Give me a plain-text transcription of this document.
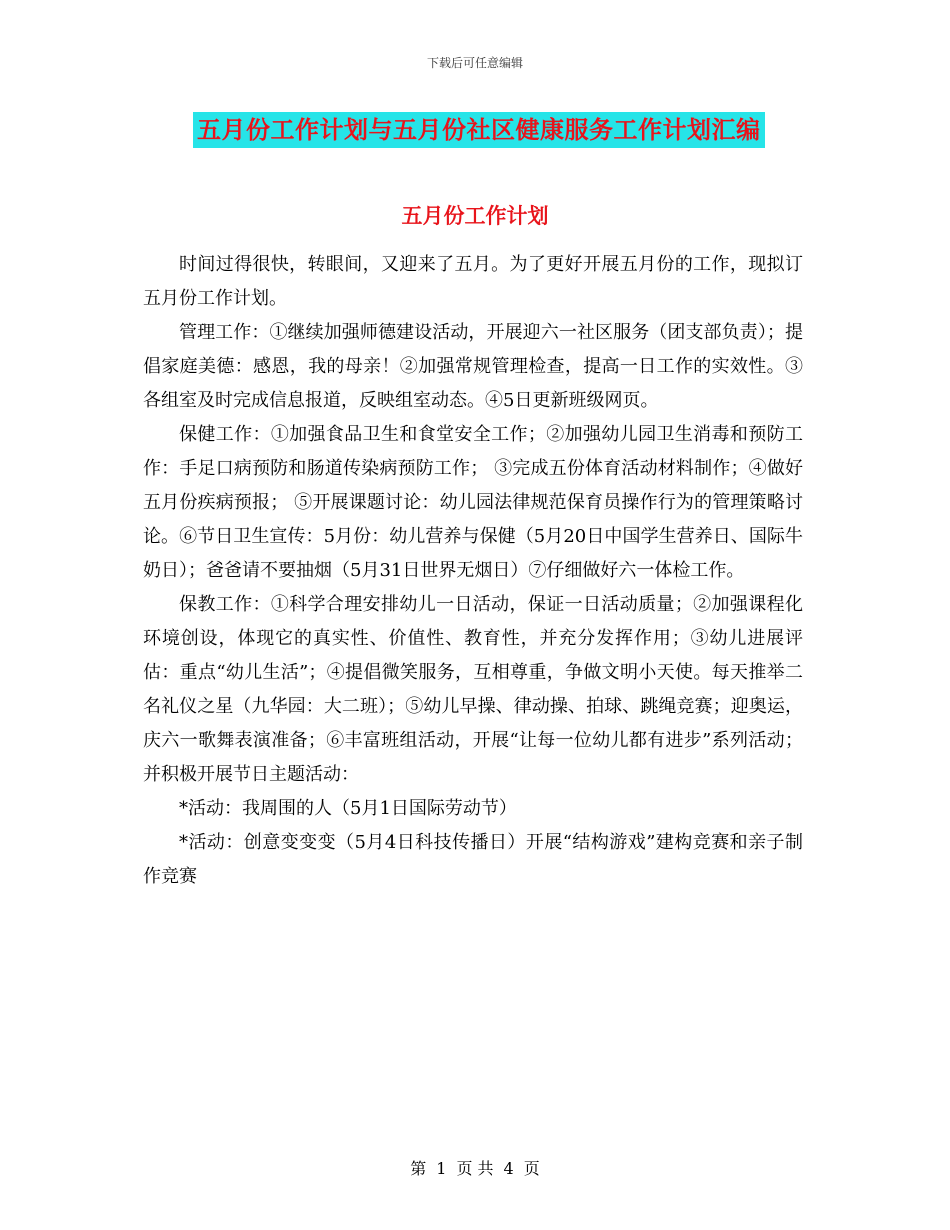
下载后可任意编辑
五月份工作计划与五月份社区健康服务工作计划汇编
五月份工作计划

时间过得很快，转眼间，又迎来了五月。为了更好开展五月份的工作，现拟订五月份工作计划。

管理工作：①继续加强师德建设活动，开展迎六一社区服务（团支部负责）；提倡家庭美德：感恩，我的母亲！②加强常规管理检查，提高一日工作的实效性。③各组室及时完成信息报道，反映组室动态。④5日更新班级网页。

保健工作：①加强食品卫生和食堂安全工作；②加强幼儿园卫生消毒和预防工作：手足口病预防和肠道传染病预防工作； ③完成五份体育活动材料制作；④做好五月份疾病预报； ⑤开展课题讨论：幼儿园法律规范保育员操作行为的管理策略讨论。⑥节日卫生宣传：5月份：幼儿营养与保健（5月20日中国学生营养日、国际牛奶日）；爸爸请不要抽烟（5月31日世界无烟日）⑦仔细做好六一体检工作。

保教工作：①科学合理安排幼儿一日活动，保证一日活动质量；②加强课程化环境创设，体现它的真实性、价值性、教育性，并充分发挥作用；③幼儿进展评估：重点“幼儿生活”；④提倡微笑服务，互相尊重，争做文明小天使。每天推举二名礼仪之星（九华园：大二班）；⑤幼儿早操、律动操、拍球、跳绳竞赛；迎奥运，庆六一歌舞表演准备；⑥丰富班组活动，开展“让每一位幼儿都有进步”系列活动；并积极开展节日主题活动：

*活动：我周围的人（5月1日国际劳动节）

*活动：创意变变变（5月4日科技传播日）开展“结构游戏”建构竞赛和亲子制作竞赛

第 1 页 共 4 页
